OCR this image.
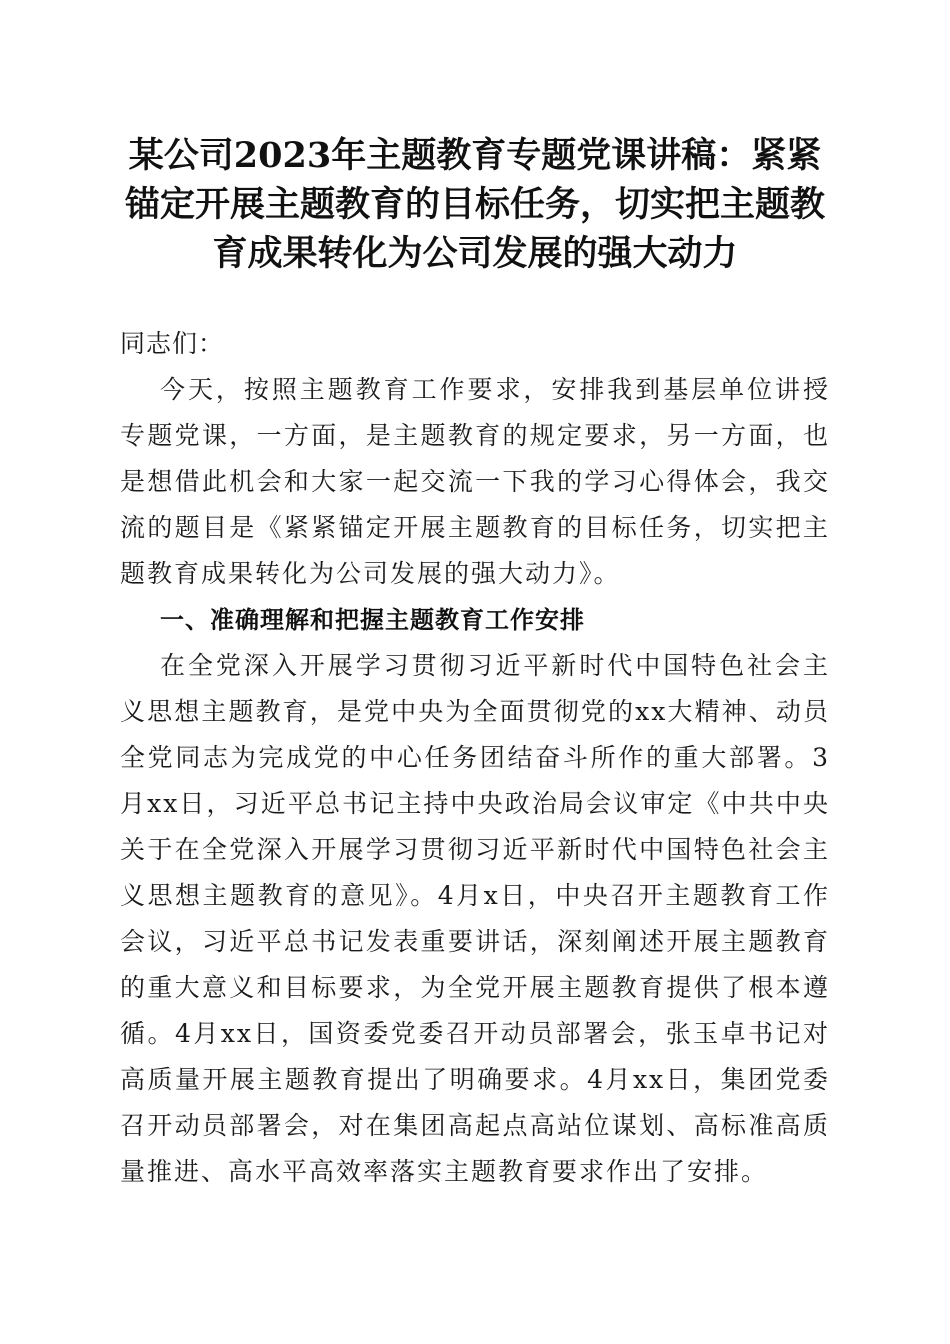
某公司2023年主题教育专题党课讲稿：紧紧
锚定开展主题教育的目标任务，切实把主题教
育成果转化为公司发展的强大动力

同志们：

今天，按照主题教育工作要求，安排我到基层单位讲授专题党课，一方面，是主题教育的规定要求，另一方面，也是想借此机会和大家一起交流一下我的学习心得体会，我交流的题目是《紧紧锚定开展主题教育的目标任务，切实把主题教育成果转化为公司发展的强大动力》。

一、准确理解和把握主题教育工作安排

在全党深入开展学习贯彻习近平新时代中国特色社会主义思想主题教育，是党中央为全面贯彻党的xx大精神、动员全党同志为完成党的中心任务团结奋斗所作的重大部署。3月xx日，习近平总书记主持中央政治局会议审定《中共中央关于在全党深入开展学习贯彻习近平新时代中国特色社会主义思想主题教育的意见》。4月x日，中央召开主题教育工作会议，习近平总书记发表重要讲话，深刻阐述开展主题教育的重大意义和目标要求，为全党开展主题教育提供了根本遵循。4月xx日，国资委党委召开动员部署会，张玉卓书记对高质量开展主题教育提出了明确要求。4月xx日，集团党委召开动员部署会，对在集团高起点高站位谋划、高标准高质量推进、高水平高效率落实主题教育要求作出了安排。
